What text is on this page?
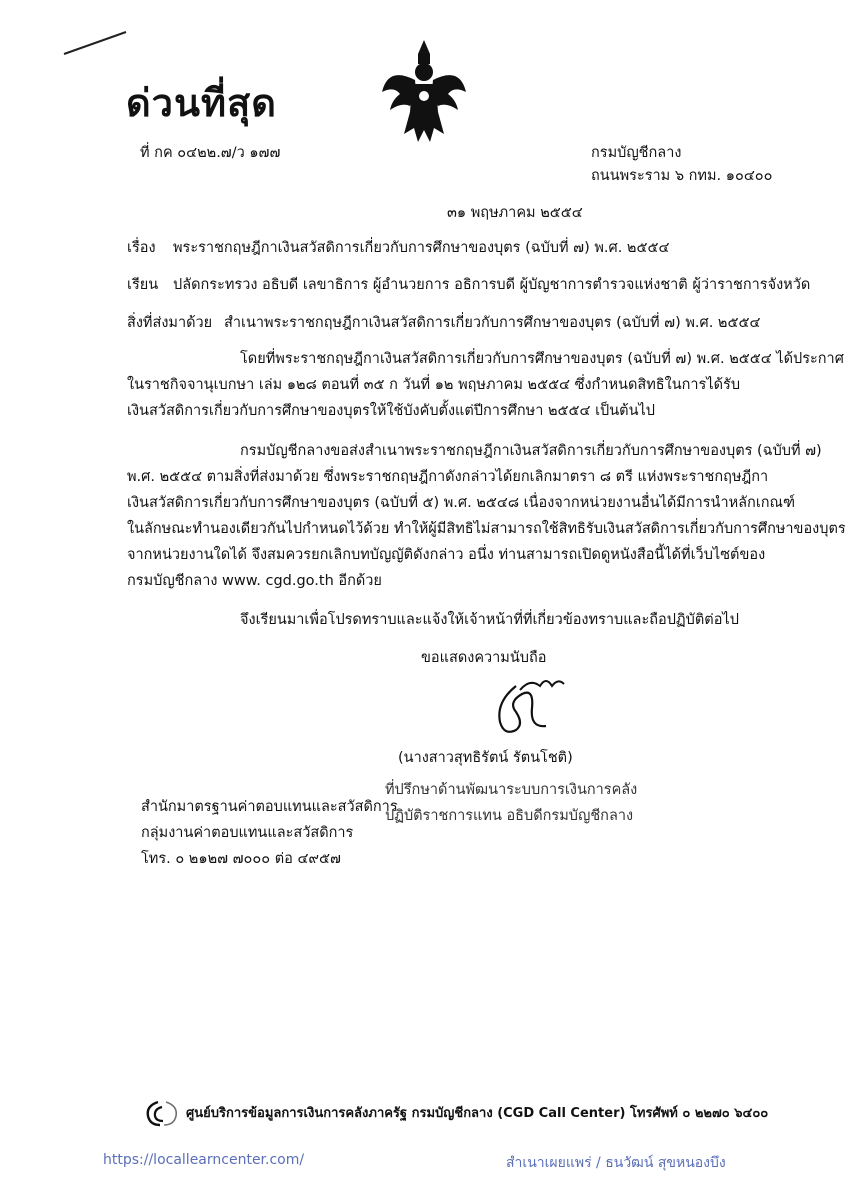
ด่วนที่สุด
ที่ กค ๐๔๒๒.๗/ว ๑๗๗	กรมบัญชีกลาง
ถนนพระราม ๖ กทม. ๑๐๔๐๐
๓๑ พฤษภาคม ๒๕๕๔
เรื่อง พระราชกฤษฎีกาเงินสวัสดิการเกี่ยวกับการศึกษาของบุตร (ฉบับที่ ๗) พ.ศ. ๒๕๕๔
เรียน ปลัดกระทรวง อธิบดี เลขาธิการ ผู้อำนวยการ อธิการบดี ผู้บัญชาการตำรวจแห่งชาติ ผู้ว่าราชการจังหวัด
สิ่งที่ส่งมาด้วย สำเนาพระราชกฤษฎีกาเงินสวัสดิการเกี่ยวกับการศึกษาของบุตร (ฉบับที่ ๗) พ.ศ. ๒๕๕๔
โดยที่พระราชกฤษฎีกาเงินสวัสดิการเกี่ยวกับการศึกษาของบุตร (ฉบับที่ ๗) พ.ศ. ๒๕๕๔ ได้ประกาศ
ในราชกิจจานุเบกษา เล่ม ๑๒๘ ตอนที่ ๓๕ ก วันที่ ๑๒ พฤษภาคม ๒๕๕๔ ซึ่งกำหนดสิทธิในการได้รับ
เงินสวัสดิการเกี่ยวกับการศึกษาของบุตรให้ใช้บังคับตั้งแต่ปีการศึกษา ๒๕๕๔ เป็นต้นไป
กรมบัญชีกลางขอส่งสำเนาพระราชกฤษฎีกาเงินสวัสดิการเกี่ยวกับการศึกษาของบุตร (ฉบับที่ ๗)
พ.ศ. ๒๕๕๔ ตามสิ่งที่ส่งมาด้วย ซึ่งพระราชกฤษฎีกาดังกล่าวได้ยกเลิกมาตรา ๘ ตรี แห่งพระราชกฤษฎีกา
เงินสวัสดิการเกี่ยวกับการศึกษาของบุตร (ฉบับที่ ๕) พ.ศ. ๒๕๔๘ เนื่องจากหน่วยงานอื่นได้มีการนำหลักเกณฑ์
ในลักษณะทำนองเดียวกันไปกำหนดไว้ด้วย ทำให้ผู้มีสิทธิไม่สามารถใช้สิทธิรับเงินสวัสดิการเกี่ยวกับการศึกษาของบุตร
จากหน่วยงานใดได้ จึงสมควรยกเลิกบทบัญญัติดังกล่าว อนึ่ง ท่านสามารถเปิดดูหนังสือนี้ได้ที่เว็บไซต์ของ
กรมบัญชีกลาง www. cgd.go.th อีกด้วย
จึงเรียนมาเพื่อโปรดทราบและแจ้งให้เจ้าหน้าที่ที่เกี่ยวข้องทราบและถือปฏิบัติต่อไป
ขอแสดงความนับถือ
(นางสาวสุทธิรัตน์ รัตนโชติ)
ที่ปรึกษาด้านพัฒนาระบบการเงินการคลัง
ปฏิบัติราชการแทน อธิบดีกรมบัญชีกลาง
สำนักมาตรฐานค่าตอบแทนและสวัสดิการ
กลุ่มงานค่าตอบแทนและสวัสดิการ
โทร. ๐ ๒๑๒๗ ๗๐๐๐ ต่อ ๔๙๕๗
ศูนย์บริการข้อมูลการเงินการคลังภาครัฐ กรมบัญชีกลาง (CGD Call Center) โทรศัพท์ ๐ ๒๒๗๐ ๖๔๐๐
https://locallearncenter.com/	สำเนาเผยแพร่ / ธนวัฒน์ สุขหนองบึง
